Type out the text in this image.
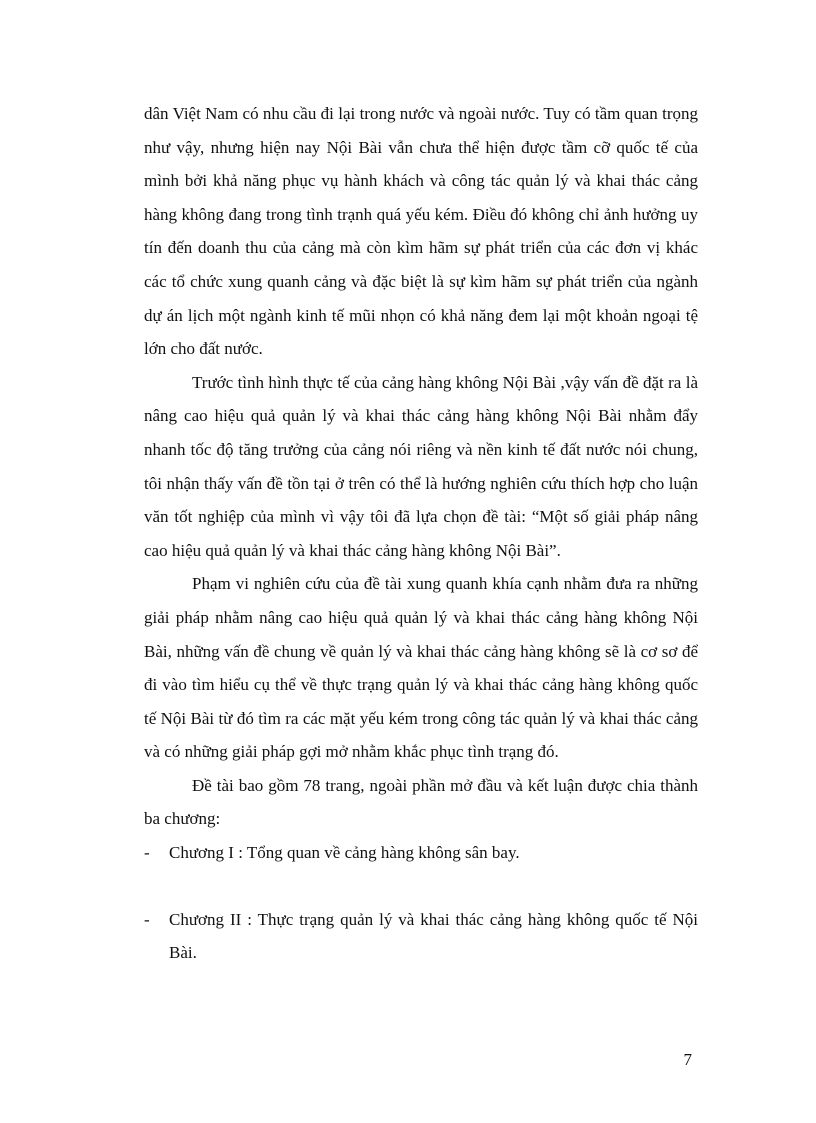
dân Việt Nam có nhu cầu đi lại trong nước và ngoài nước. Tuy có tầm quan trọng như vậy, nhưng hiện nay Nội Bài vẫn chưa thể hiện được tầm cỡ quốc tế của mình bởi khả năng phục vụ hành khách và công tác quản lý và khai thác cảng hàng không đang trong tình trạnh quá yếu kém. Điều đó không chỉ ảnh hưởng uy tín đến doanh thu của cảng mà còn kìm hãm sự phát triển của các đơn vị khác các tổ chức xung quanh cảng và đặc biệt là sự kìm hãm sự phát triển của ngành dự án lịch một ngành kinh tế mũi nhọn có khả năng đem lại một khoản ngoại tệ lớn cho đất nước.

Trước tình hình thực tế của cảng hàng không Nội Bài ,vậy vấn đề đặt ra là nâng cao hiệu quả quản lý và khai thác cảng hàng không Nội Bài nhằm đẩy nhanh tốc độ tăng trưởng của cảng nói riêng và nền kinh tế đất nước nói chung, tôi nhận thấy vấn đề tồn tại ở trên có thể là hướng nghiên cứu thích hợp cho luận văn tốt nghiệp của mình vì vậy tôi đã lựa chọn đề tài: “Một số giải pháp nâng cao hiệu quả quản lý và khai thác cảng hàng không Nội Bài”.

Phạm vi nghiên cứu của đề tài xung quanh khía cạnh nhằm đưa ra những giải pháp nhằm nâng cao hiệu quả quản lý và khai thác cảng hàng không Nội Bài, những vấn đề chung về quản lý và khai thác cảng hàng không sẽ là cơ sơ để đi vào tìm hiểu cụ thể về thực trạng quản lý và khai thác cảng hàng không quốc tế Nội Bài từ đó tìm ra các mặt yếu kém trong công tác quản lý và khai thác cảng và có những giải pháp gợi mở nhằm khắc phục tình trạng đó.

Đề tài bao gồm 78 trang, ngoài phần mở đầu và kết luận được chia thành ba chương:

-	Chương I : Tổng quan về cảng hàng không sân bay.
-	Chương II : Thực trạng quản lý và khai thác cảng hàng không quốc tế Nội Bài.
7
